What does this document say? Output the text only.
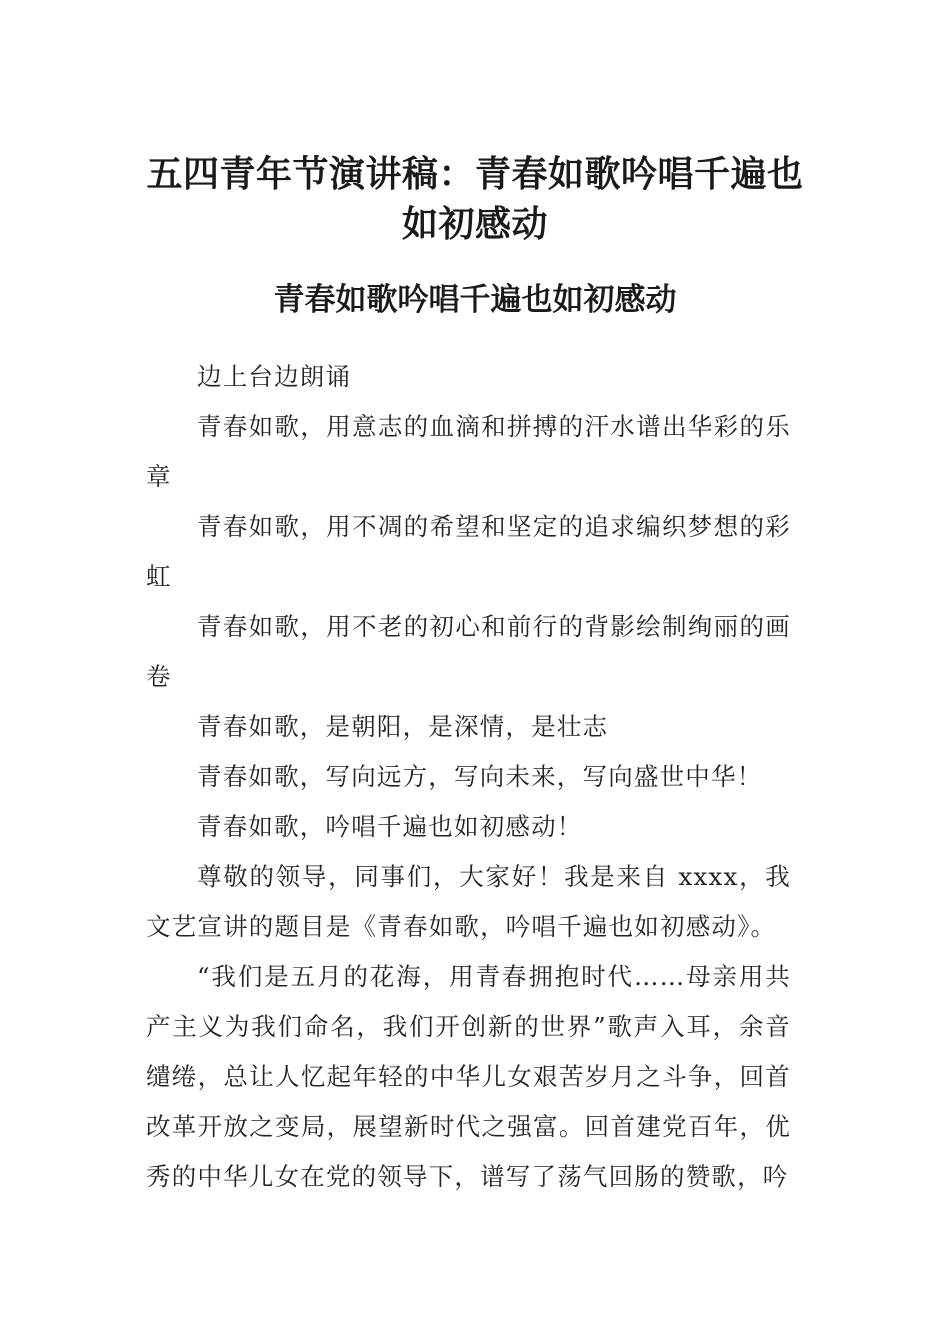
五四青年节演讲稿：青春如歌吟唱千遍也如初感动
青春如歌吟唱千遍也如初感动

边上台边朗诵

青春如歌，用意志的血滴和拼搏的汗水谱出华彩的乐章

青春如歌，用不凋的希望和坚定的追求编织梦想的彩虹

青春如歌，用不老的初心和前行的背影绘制绚丽的画卷

青春如歌，是朝阳，是深情，是壮志

青春如歌，写向远方，写向未来，写向盛世中华！

青春如歌，吟唱千遍也如初感动！

尊敬的领导，同事们，大家好！我是来自 xxxx，我文艺宣讲的题目是《青春如歌，吟唱千遍也如初感动》。

“我们是五月的花海，用青春拥抱时代……母亲用共产主义为我们命名，我们开创新的世界”歌声入耳，余音缱绻，总让人忆起年轻的中华儿女艰苦岁月之斗争，回首改革开放之变局，展望新时代之强富。回首建党百年，优秀的中华儿女在党的领导下，谱写了荡气回肠的赞歌，吟
